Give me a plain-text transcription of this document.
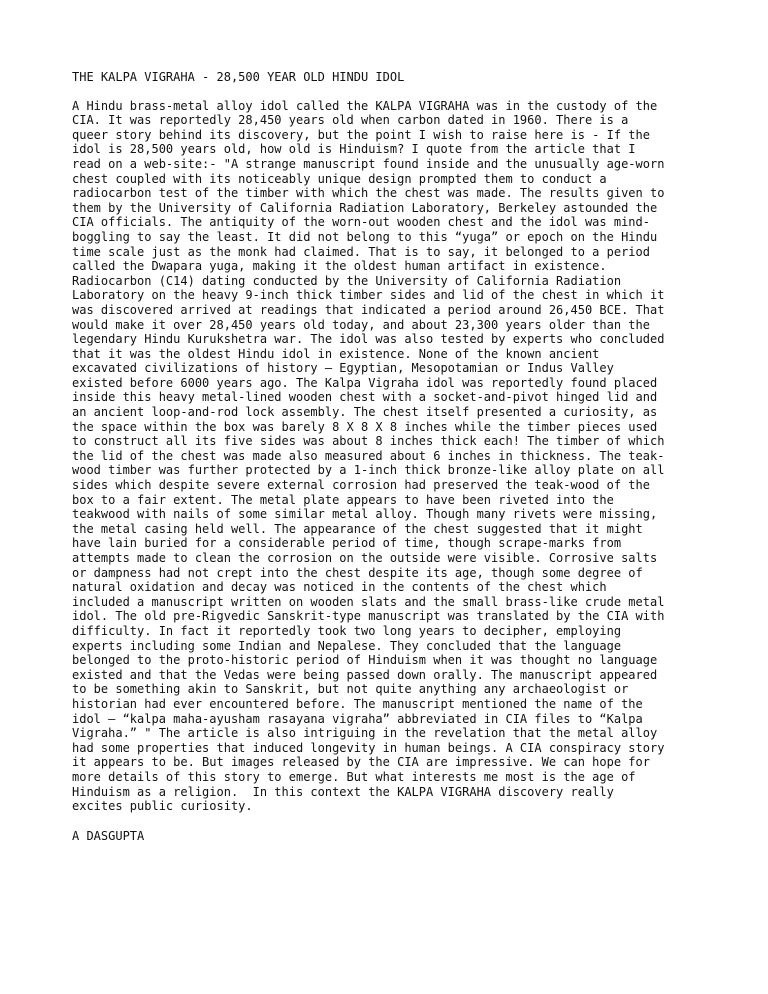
THE KALPA VIGRAHA - 28,500 YEAR OLD HINDU IDOL
A Hindu brass-metal alloy idol called the KALPA VIGRAHA was in the custody of the
CIA. It was reportedly 28,450 years old when carbon dated in 1960. There is a
queer story behind its discovery, but the point I wish to raise here is - If the
idol is 28,500 years old, how old is Hinduism? I quote from the article that I
read on a web-site:- "A strange manuscript found inside and the unusually age-worn
chest coupled with its noticeably unique design prompted them to conduct a
radiocarbon test of the timber with which the chest was made. The results given to
them by the University of California Radiation Laboratory, Berkeley astounded the
CIA officials. The antiquity of the worn-out wooden chest and the idol was mind-
boggling to say the least. It did not belong to this “yuga” or epoch on the Hindu
time scale just as the monk had claimed. That is to say, it belonged to a period
called the Dwapara yuga, making it the oldest human artifact in existence.
Radiocarbon (C14) dating conducted by the University of California Radiation
Laboratory on the heavy 9-inch thick timber sides and lid of the chest in which it
was discovered arrived at readings that indicated a period around 26,450 BCE. That
would make it over 28,450 years old today, and about 23,300 years older than the
legendary Hindu Kurukshetra war. The idol was also tested by experts who concluded
that it was the oldest Hindu idol in existence. None of the known ancient
excavated civilizations of history – Egyptian, Mesopotamian or Indus Valley
existed before 6000 years ago. The Kalpa Vigraha idol was reportedly found placed
inside this heavy metal-lined wooden chest with a socket-and-pivot hinged lid and
an ancient loop-and-rod lock assembly. The chest itself presented a curiosity, as
the space within the box was barely 8 X 8 X 8 inches while the timber pieces used
to construct all its five sides was about 8 inches thick each! The timber of which
the lid of the chest was made also measured about 6 inches in thickness. The teak-
wood timber was further protected by a 1-inch thick bronze-like alloy plate on all
sides which despite severe external corrosion had preserved the teak-wood of the
box to a fair extent. The metal plate appears to have been riveted into the
teakwood with nails of some similar metal alloy. Though many rivets were missing,
the metal casing held well. The appearance of the chest suggested that it might
have lain buried for a considerable period of time, though scrape-marks from
attempts made to clean the corrosion on the outside were visible. Corrosive salts
or dampness had not crept into the chest despite its age, though some degree of
natural oxidation and decay was noticed in the contents of the chest which
included a manuscript written on wooden slats and the small brass-like crude metal
idol. The old pre-Rigvedic Sanskrit-type manuscript was translated by the CIA with
difficulty. In fact it reportedly took two long years to decipher, employing
experts including some Indian and Nepalese. They concluded that the language
belonged to the proto-historic period of Hinduism when it was thought no language
existed and that the Vedas were being passed down orally. The manuscript appeared
to be something akin to Sanskrit, but not quite anything any archaeologist or
historian had ever encountered before. The manuscript mentioned the name of the
idol – “kalpa maha-ayusham rasayana vigraha” abbreviated in CIA files to “Kalpa
Vigraha.” " The article is also intriguing in the revelation that the metal alloy
had some properties that induced longevity in human beings. A CIA conspiracy story
it appears to be. But images released by the CIA are impressive. We can hope for
more details of this story to emerge. But what interests me most is the age of
Hinduism as a religion.  In this context the KALPA VIGRAHA discovery really
excites public curiosity.
A DASGUPTA
